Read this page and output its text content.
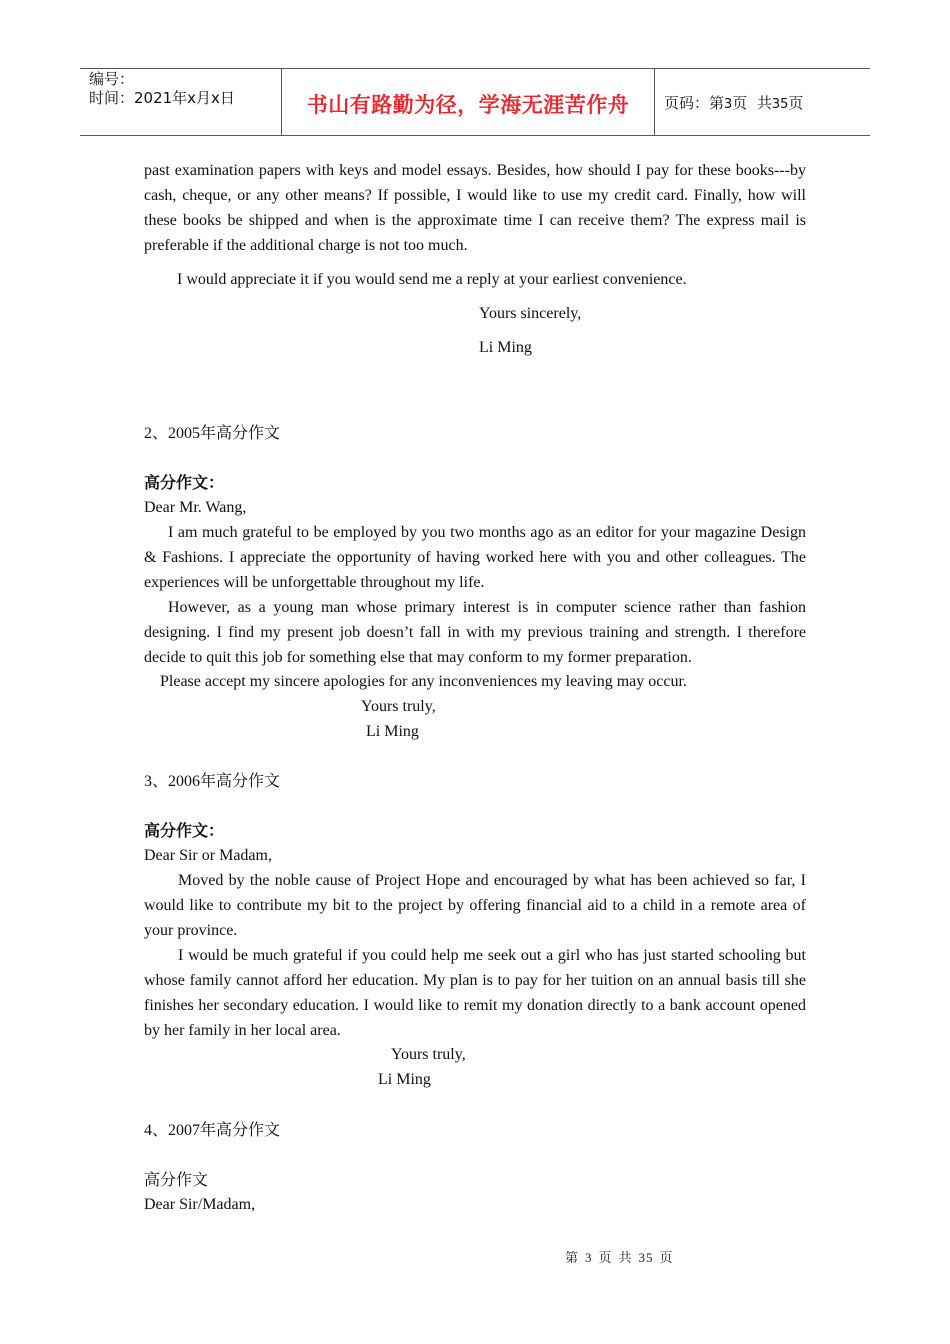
编号：
时间：2021年x月x日	书山有路勤为径，学海无涯苦作舟	页码：第3页  共35页

past examination papers with keys and model essays. Besides, how should I pay for these books---by cash, cheque, or any other means? If possible, I would like to use my credit card. Finally, how will these books be shipped and when is the approximate time I can receive them? The express mail is preferable if the additional charge is not too much.

I would appreciate it if you would send me a reply at your earliest convenience.
Yours sincerely,
Li Ming
2、2005年高分作文
高分作文：
Dear Mr. Wang,

I am much grateful to be employed by you two months ago as an editor for your magazine Design & Fashions. I appreciate the opportunity of having worked here with you and other colleagues. The experiences will be unforgettable throughout my life.

However, as a young man whose primary interest is in computer science rather than fashion designing. I find my present job doesn’t fall in with my previous training and strength. I therefore decide to quit this job for something else that may conform to my former preparation.

Please accept my sincere apologies for any inconveniences my leaving may occur.
Yours truly,
Li Ming
3、2006年高分作文
高分作文：
Dear Sir or Madam,

Moved by the noble cause of Project Hope and encouraged by what has been achieved so far, I would like to contribute my bit to the project by offering financial aid to a child in a remote area of your province.

I would be much grateful if you could help me seek out a girl who has just started schooling but whose family cannot afford her education. My plan is to pay for her tuition on an annual basis till she finishes her secondary education. I would like to remit my donation directly to a bank account opened by her family in her local area.

Yours truly,
Li Ming
4、2007年高分作文
高分作文
Dear Sir/Madam,
第 3 页 共 35 页
